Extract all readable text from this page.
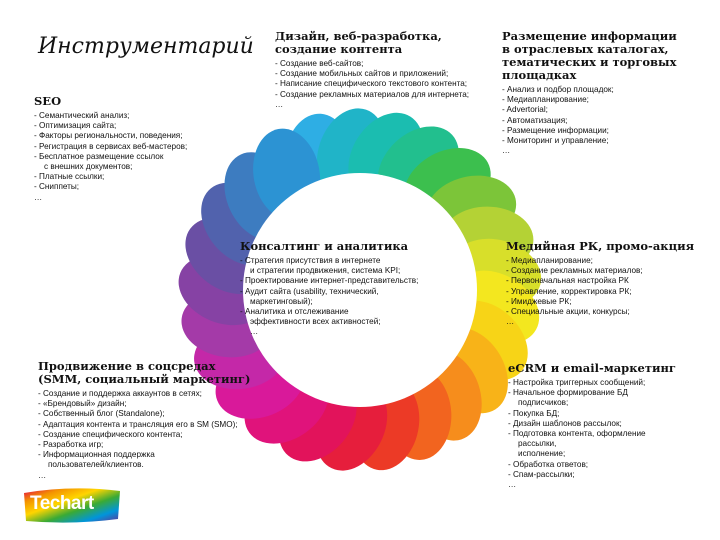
Инструментарий
SEO
- Семантический анализ;
- Оптимизация сайта;
- Факторы региональности, поведения;
- Регистрация в сервисах веб-мастеров;
- Бесплатное размещение ссылок
с внешних документов;
- Платные ссылки;
- Сниппеты;
…
Дизайн, веб-разработка,
создание контента
- Создание веб-сайтов;
- Создание мобильных сайтов и приложений;
- Написание специфического текстового контента;
- Создание рекламных материалов для интернета;
…
Размещение информации
в отраслевых каталогах,
тематических и торговых
площадках
- Анализ и подбор площадок;
- Медиапланирование;
- Advertorial;
- Автоматизация;
- Размещение информации;
- Мониторинг и управление;
…
Консалтинг и аналитика
- Стратегия присутствия в интернете
и стратегии продвижения, система KPI;
- Проектирование интернет-представительств;
- Аудит сайта (usability, технический,
маркетинговый);
- Аналитика и отслеживание
эффективности всех активностей;
…
Медийная РК, промо-акция
- Медиапланирование;
- Создание рекламных материалов;
- Первоначальная настройка РК
- Управление, корректировка РК;
- Имиджевые РК;
- Специальные акции, конкурсы;
…
Продвижение в соцсредах
(SMM, социальный маркетинг)
- Создание и поддержка аккаунтов в сетях;
- «Брендовый» дизайн;
- Собственный блог (Standalone);
- Адаптация контента и трансляция его в SM (SMO);
- Создание специфического контента;
- Разработка игр;
- Информационная поддержка
пользователей/клиентов.
…
eCRM и email-маркетинг
- Настройка триггерных сообщений;
- Начальное формирование БД
подписчиков;
- Покупка БД;
- Дизайн шаблонов рассылок;
- Подготовка контента, оформление
рассылки,
исполнение;
- Обработка ответов;
- Спам-рассылки;
…
Techart
